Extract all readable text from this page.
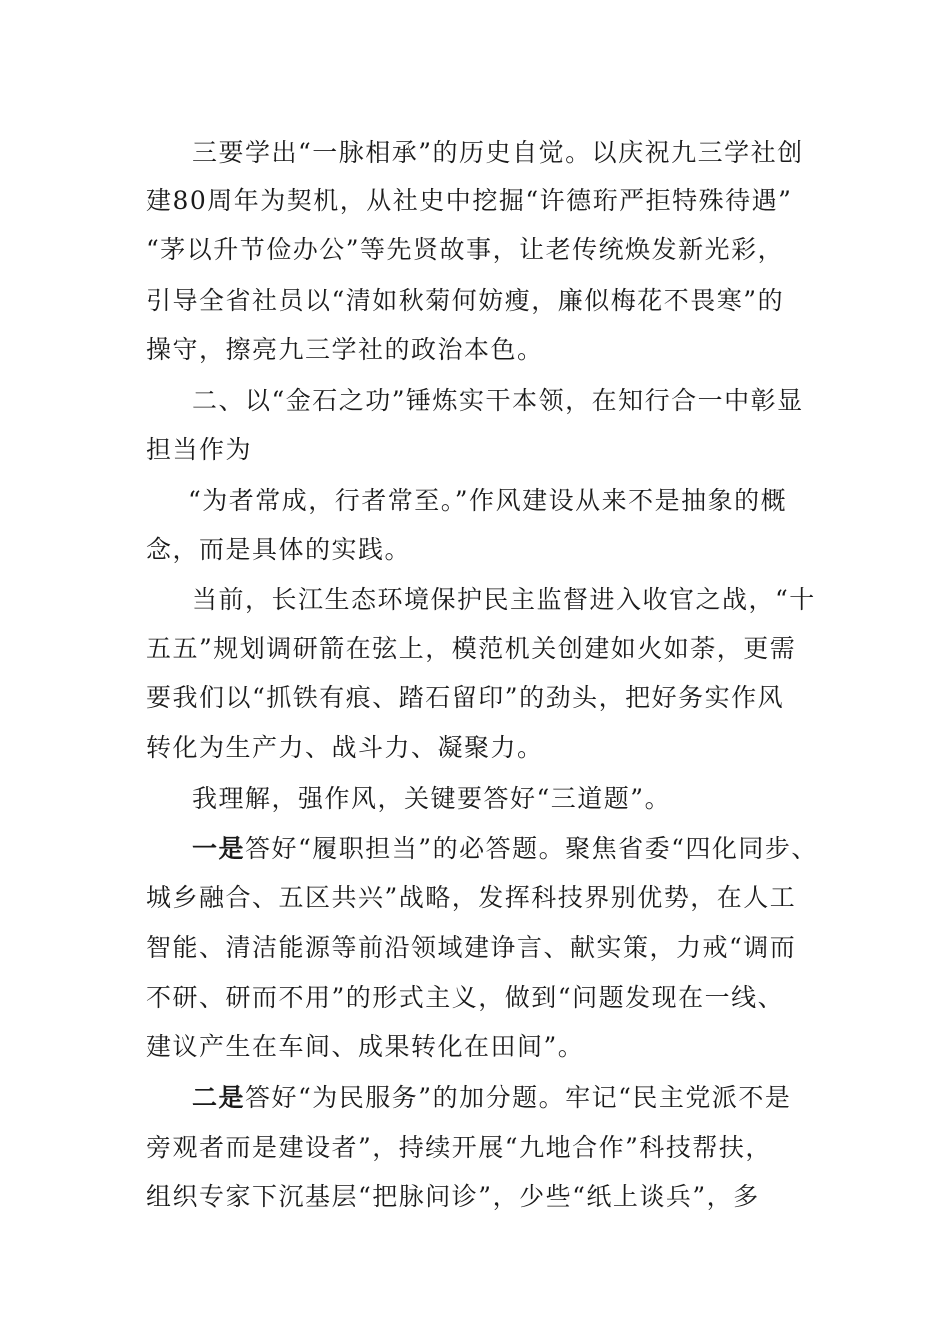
三要学出“一脉相承”的历史自觉。以庆祝九三学社创
建80周年为契机，从社史中挖掘“许德珩严拒特殊待遇”
“茅以升节俭办公”等先贤故事，让老传统焕发新光彩，
引导全省社员以“清如秋菊何妨瘦，廉似梅花不畏寒”的
操守，擦亮九三学社的政治本色。
二、以“金石之功”锤炼实干本领，在知行合一中彰显
担当作为
“为者常成，行者常至。”作风建设从来不是抽象的概
念，而是具体的实践。
当前，长江生态环境保护民主监督进入收官之战，“十
五五”规划调研箭在弦上，模范机关创建如火如荼，更需
要我们以“抓铁有痕、踏石留印”的劲头，把好务实作风
转化为生产力、战斗力、凝聚力。
我理解，强作风，关键要答好“三道题”。
一是答好“履职担当”的必答题。聚焦省委“四化同步、
城乡融合、五区共兴”战略，发挥科技界别优势，在人工
智能、清洁能源等前沿领域建诤言、献实策，力戒“调而
不研、研而不用”的形式主义，做到“问题发现在一线、
建议产生在车间、成果转化在田间”。
二是答好“为民服务”的加分题。牢记“民主党派不是
旁观者而是建设者”，持续开展“九地合作”科技帮扶，
组织专家下沉基层“把脉问诊”，少些“纸上谈兵”，多
